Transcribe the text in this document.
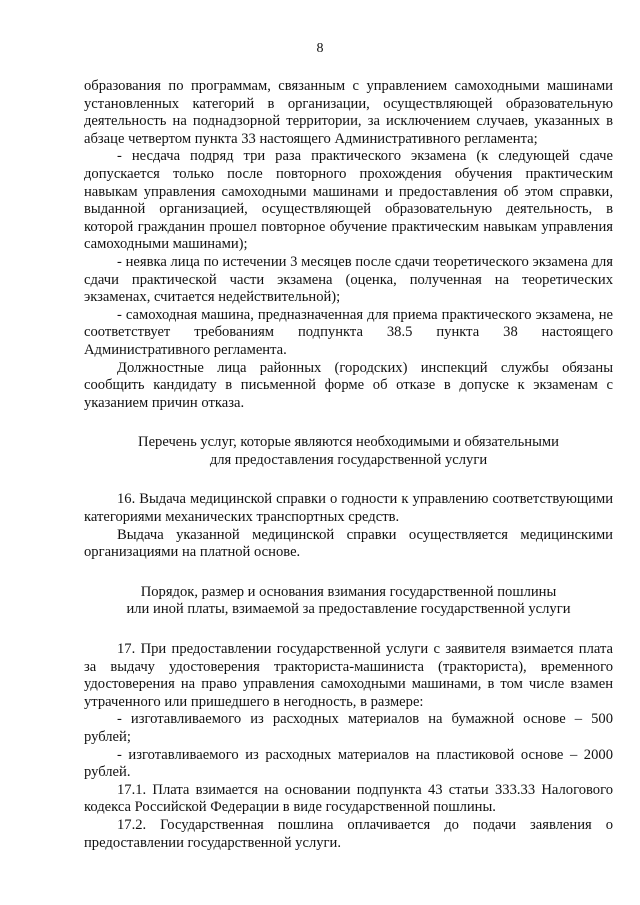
8

образования по программам, связанным с управлением самоходными машинами установленных категорий в организации, осуществляющей образовательную деятельность на поднадзорной территории, за исключением случаев, указанных в абзаце четвертом пункта 33 настоящего Административного регламента;

- несдача подряд три раза практического экзамена (к следующей сдаче допускается только после повторного прохождения обучения практическим навыкам управления самоходными машинами и предоставления об этом справки, выданной организацией, осуществляющей образовательную деятельность, в которой гражданин прошел повторное обучение практическим навыкам управления самоходными машинами);

- неявка лица по истечении 3 месяцев после сдачи теоретического экзамена для сдачи практической части экзамена (оценка, полученная на теоретических экзаменах, считается недействительной);

- самоходная машина, предназначенная для приема практического экзамена, не соответствует требованиям подпункта 38.5 пункта 38 настоящего Административного регламента.

Должностные лица районных (городских) инспекций службы обязаны сообщить кандидату в письменной форме об отказе в допуске к экзаменам с указанием причин отказа.

Перечень услуг, которые являются необходимыми и обязательными
для предоставления государственной услуги

16. Выдача медицинской справки о годности к управлению соответствующими категориями механических транспортных средств.

Выдача указанной медицинской справки осуществляется медицинскими организациями на платной основе.

Порядок, размер и основания взимания государственной пошлины
или иной платы, взимаемой за предоставление государственной услуги

17. При предоставлении государственной услуги с заявителя взимается плата за выдачу удостоверения тракториста-машиниста (тракториста), временного удостоверения на право управления самоходными машинами, в том числе взамен утраченного или пришедшего в негодность, в размере:

- изготавливаемого из расходных материалов на бумажной основе – 500 рублей;

- изготавливаемого из расходных материалов на пластиковой основе – 2000 рублей.

17.1. Плата взимается на основании подпункта 43 статьи 333.33 Налогового кодекса Российской Федерации в виде государственной пошлины.

17.2. Государственная пошлина оплачивается до подачи заявления о предоставлении государственной услуги.
